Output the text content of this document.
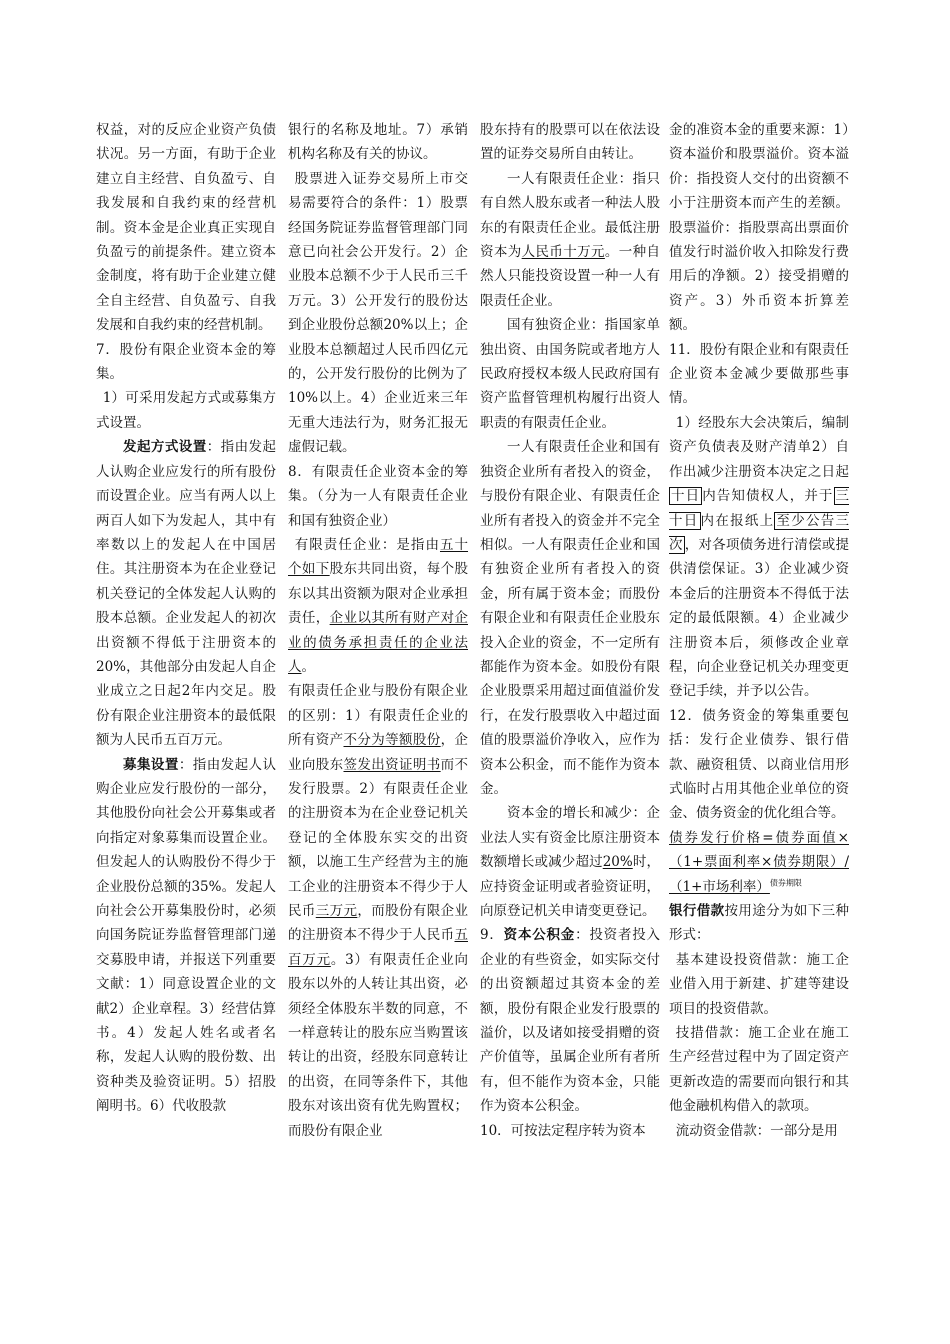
权益，对的反应企业资产负债状况。另一方面，有助于企业建立自主经营、自负盈亏、自我发展和自我约束的经营机制。资本金是企业真正实现自负盈亏的前提条件。建立资本金制度，将有助于企业建立健全自主经营、自负盈亏、自我发展和自我约束的经营机制。

7．股份有限企业资本金的筹集。

1）可采用发起方式或募集方式设置。

发起方式设置：指由发起人认购企业应发行的所有股份而设置企业。应当有两人以上两百人如下为发起人，其中有率数以上的发起人在中国居住。其注册资本为在企业登记机关登记的全体发起人认购的股本总额。企业发起人的初次出资额不得低于注册资本的20%，其他部分由发起人自企业成立之日起2年内交足。股份有限企业注册资本的最低限额为人民币五百万元。

募集设置：指由发起人认购企业应发行股份的一部分，其他股份向社会公开募集或者向指定对象募集而设置企业。但发起人的认购股份不得少于企业股份总额的35%。发起人向社会公开募集股份时，必须向国务院证券监督管理部门递交募股申请，并报送下列重要文献：1）同意设置企业的文献2）企业章程。3）经营估算书。4）发起人姓名或者名称，发起人认购的股份数、出资种类及验资证明。5）招股阐明书。6）代收股款

银行的名称及地址。7）承销机构名称及有关的协议。

股票进入证券交易所上市交易需要符合的条件：1）股票经国务院证券监督管理部门同意已向社会公开发行。2）企业股本总额不少于人民币三千万元。3）公开发行的股份达到企业股份总额20%以上；企业股本总额超过人民币四亿元的，公开发行股份的比例为了10%以上。4）企业近来三年无重大违法行为，财务汇报无虚假记载。

8．有限责任企业资本金的筹集。（分为一人有限责任企业和国有独资企业）

有限责任企业：是指由五十个如下股东共同出资，每个股东以其出资额为限对企业承担责任，企业以其所有财产对企业的债务承担责任的企业法人。

有限责任企业与股份有限企业的区别：1）有限责任企业的所有资产不分为等额股份，企业向股东签发出资证明书而不发行股票。2）有限责任企业的注册资本为在企业登记机关登记的全体股东实交的出资额，以施工生产经营为主的施工企业的注册资本不得少于人民币三万元，而股份有限企业的注册资本不得少于人民币五百万元。3）有限责任企业向股东以外的人转让其出资，必须经全体股东半数的同意，不一样意转让的股东应当购置该转让的出资，经股东同意转让的出资，在同等条件下，其他股东对该出资有优先购置权；而股份有限企业

股东持有的股票可以在依法设置的证券交易所自由转让。

一人有限责任企业：指只有自然人股东或者一种法人股东的有限责任企业。最低注册资本为人民币十万元。一种自然人只能投资设置一种一人有限责任企业。

国有独资企业：指国家单独出资、由国务院或者地方人民政府授权本级人民政府国有资产监督管理机构履行出资人职责的有限责任企业。

一人有限责任企业和国有独资企业所有者投入的资金，与股份有限企业、有限责任企业所有者投入的资金并不完全相似。一人有限责任企业和国有独资企业所有者投入的资金，所有属于资本金；而股份有限企业和有限责任企业股东投入企业的资金，不一定所有都能作为资本金。如股份有限企业股票采用超过面值溢价发行，在发行股票收入中超过面值的股票溢价净收入，应作为资本公积金，而不能作为资本金。

资本金的增长和减少：企业法人实有资金比原注册资本数额增长或减少超过20%时，应持资金证明或者验资证明，向原登记机关申请变更登记。

9．资本公积金：投资者投入企业的有些资金，如实际交付的出资额超过其资本金的差额，股份有限企业发行股票的溢价，以及诸如接受捐赠的资产价值等，虽属企业所有者所有，但不能作为资本金，只能作为资本公积金。

10．可按法定程序转为资本

金的准资本金的重要来源：1）资本溢价和股票溢价。资本溢价：指投资人交付的出资额不小于注册资本而产生的差额。股票溢价：指股票高出票面价值发行时溢价收入扣除发行费用后的净额。2）接受捐赠的资产。3）外币资本折算差额。

11．股份有限企业和有限责任企业资本金减少要做那些事情。

1）经股东大会决策后，编制资产负债表及财产清单2）自作出减少注册资本决定之日起十日 内告知债权人，并于 三十日 内在报纸上 至少公告三次 ，对各项债务进行清偿或提供清偿保证。3）企业减少资本金后的注册资本不得低于法定的最低限额。4）企业减少注册资本后，须修改企业章程，向企业登记机关办理变更登记手续，并予以公告。

12．债务资金的筹集重要包括：发行企业债券、银行借款、融资租赁、以商业信用形式临时占用其他企业单位的资金、债务资金的优化组合等。

债券发行价格=债券面值×（1+票面利率×债券期限）/（1+市场利率）$^{债券期限}$

银行借款按用途分为如下三种形式：

基本建设投资借款：施工企业借入用于新建、扩建等建设项目的投资借款。

技措借款：施工企业在施工生产经营过程中为了固定资产更新改造的需要而向银行和其他金融机构借入的款项。

流动资金借款：一部分是用
